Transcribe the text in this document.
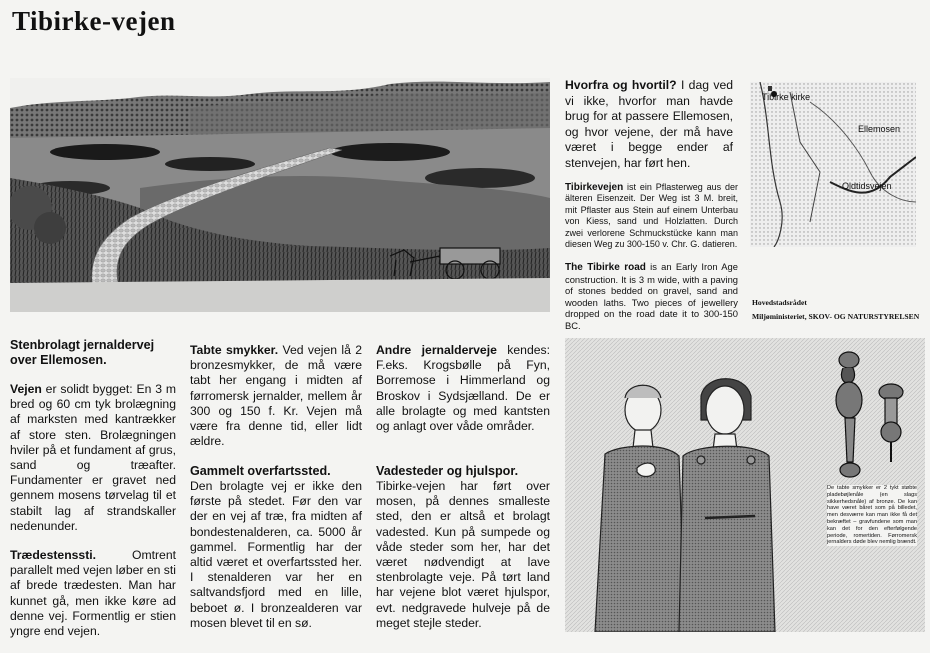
Tibirke-vejen
Hvorfra og hvortil? I dag ved vi ikke, hvorfor man havde brug for at passere Ellemosen, og hvor vejene, der må have været i begge ender af stenvejen, har ført hen.
Tibirke kirke
Ellemosen
Oldtidsvejen
Tibirkevejen ist ein Pflasterweg aus der älteren Eisenzeit. Der Weg ist 3 M. breit, mit Pflaster aus Stein auf einem Unterbau von Kiess, sand und Holzlatten. Durch zwei verlorene Schmuckstücke kann man diesen Weg zu 300-150 v. Chr. G. datieren.
The Tibirke road is an Early Iron Age construction. It is 3 m wide, with a paving of stones bedded on gravel, sand and wooden laths. Two pieces of jewellery dropped on the road date it to 300-150 BC.
Hovedstadsrådet
Miljøministeriet, SKOV- OG NATURSTYRELSEN
Stenbrolagt jernaldervej over Ellemosen.

Vejen er solidt bygget: En 3 m bred og 60 cm tyk brolægning af marksten med kantrækker af store sten. Brolægningen hviler på et fundament af grus, sand og træafter. Fundamenter er gravet ned gennem mosens tørvelag til et stabilt lag af strandskaller nedenunder.

Trædestenssti. Omtrent parallelt med vejen løber en sti af brede trædesten. Man har kunnet gå, men ikke køre ad denne vej. Formentlig er stien yngre end vejen.

Tabte smykker. Ved vejen lå 2 bronzesmykker, de må være tabt her engang i midten af førromersk jernalder, mellem år 300 og 150 f. Kr. Vejen må være fra denne tid, eller lidt ældre.
Gammelt overfartssted.
Den brolagte vej er ikke den første på stedet. Før den var der en vej af træ, fra midten af bondestenalderen, ca. 5000 år gammel. Formentlig har der altid været et overfartssted her. I stenalderen var her en saltvandsfjord med en lille, beboet ø. I bronzealderen var mosen blevet til en sø.
Andre jernalderveje kendes: F.eks. Krogsbølle på Fyn, Borremose i Himmerland og Broskov i Sydsjælland. De er alle brolagte og med kantsten og anlagt over våde områder.
Vadesteder og hjulspor.
Tibirke-vejen har ført over mosen, på dennes smalleste sted, den er altså et brolagt vadested. Kun på sumpede og våde steder som her, har det været nødvendigt at lave stenbrolagte veje. På tørt land har vejene blot været hjulspor, evt. nedgravede hulveje på de meget stejle steder.
De tabte smykker er 2 tykt støbte pladebøjlenåle (en slags sikkerhedsnåle) af bronze. De kan have været båret som på billedet, men desværre kan man ikke få det bekræftet – gravfundene som man kan det for den efterfølgende periode, romertiden. Førromersk jernalders døde blev nemlig brændt.
